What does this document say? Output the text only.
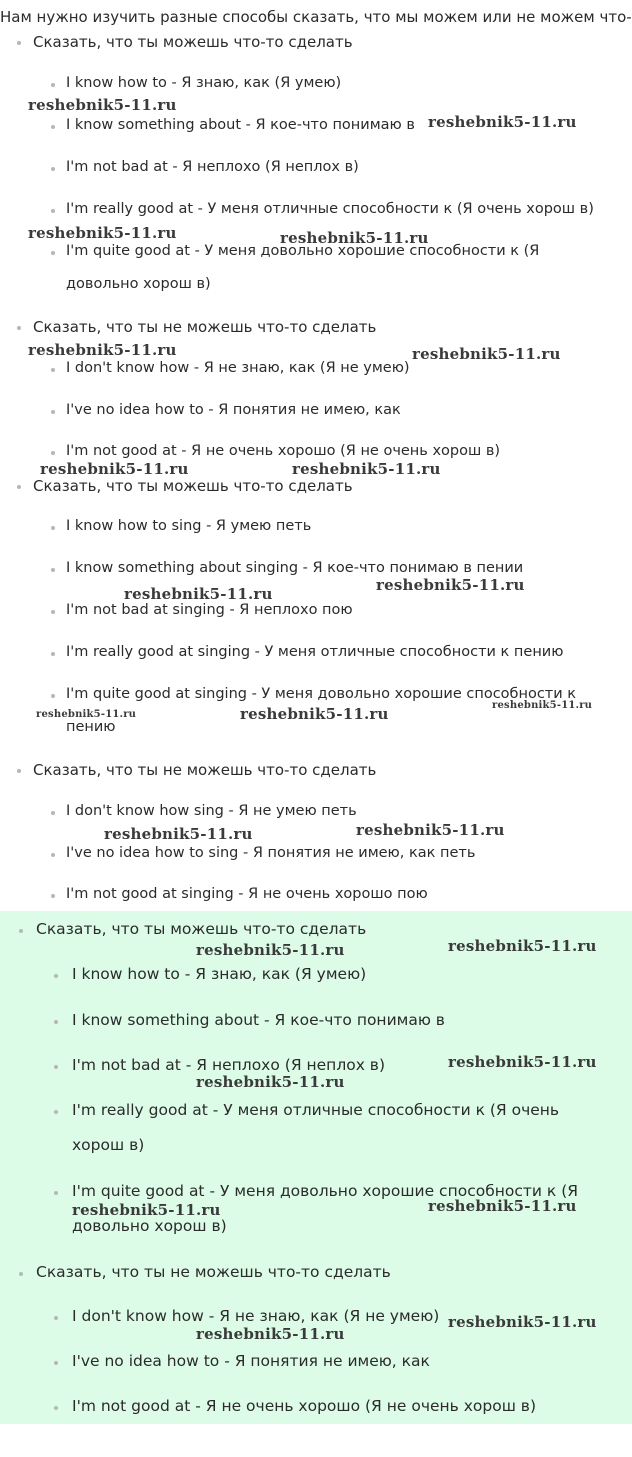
Нам нужно изучить разные способы сказать, что мы можем или не можем что-
Сказать, что ты можешь что-то сделать
I know how to - Я знаю, как (Я умею)
I know something about - Я кое-что понимаю в
I'm not bad at - Я неплохо (Я неплох в)
I'm really good at - У меня отличные способности к (Я очень хорош в)
I'm quite good at - У меня довольно хорошие способности к (Я
довольно хорош в)
Сказать, что ты не можешь что-то сделать
I don't know how - Я не знаю, как (Я не умею)
I've no idea how to - Я понятия не имею, как
I'm not good at - Я не очень хорошо (Я не очень хорош в)
Сказать, что ты можешь что-то сделать
I know how to sing - Я умею петь
I know something about singing - Я кое-что понимаю в пении
I'm not bad at singing - Я неплохо пою
I'm really good at singing - У меня отличные способности к пению
I'm quite good at singing - У меня довольно хорошие способности к
пению
Сказать, что ты не можешь что-то сделать
I don't know how sing - Я не умею петь
I've no idea how to sing - Я понятия не имею, как петь
I'm not good at singing - Я не очень хорошо пою
Сказать, что ты можешь что-то сделать
I know how to - Я знаю, как (Я умею)
I know something about - Я кое-что понимаю в
I'm not bad at - Я неплохо (Я неплох в)
I'm really good at - У меня отличные способности к (Я очень
хорош в)
I'm quite good at - У меня довольно хорошие способности к (Я
довольно хорош в)
Сказать, что ты не можешь что-то сделать
I don't know how - Я не знаю, как (Я не умею)
I've no idea how to - Я понятия не имею, как
I'm not good at - Я не очень хорошо (Я не очень хорош в)
reshebnik5-11.ru
reshebnik5-11.ru
reshebnik5-11.ru	reshebnik5-11.ru
reshebnik5-11.ru	reshebnik5-11.ru
reshebnik5-11.ru	reshebnik5-11.ru
reshebnik5-11.ru
reshebnik5-11.ru
reshebnik5-11.ru	reshebnik5-11.ru	reshebnik5-11.ru
reshebnik5-11.ru
reshebnik5-11.ru
reshebnik5-11.ru	reshebnik5-11.ru
reshebnik5-11.ru
reshebnik5-11.ru
reshebnik5-11.ru	reshebnik5-11.ru
reshebnik5-11.ru
reshebnik5-11.ru
